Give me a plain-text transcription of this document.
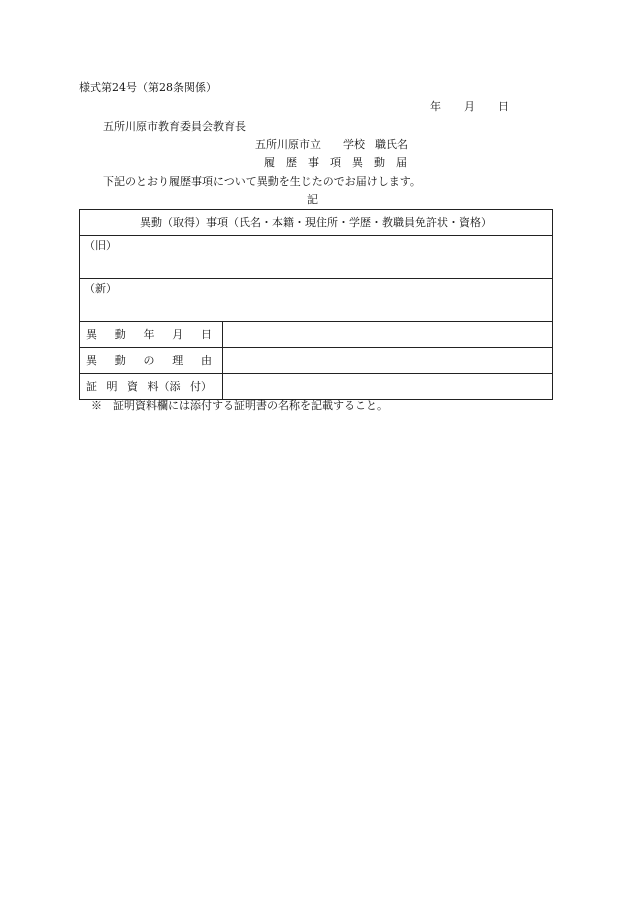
様式第24号（第28条関係）
年 月 日
五所川原市教育委員会教育長
五所川原市立 学校 職氏名
履　歴　事　項　異　動　届
下記のとおり履歴事項について異動を生じたのでお届けします。
記
異動（取得）事項（氏名・本籍・現住所・学歴・教職員免許状・資格）	
（旧）	
（新）	

異 動 年 月 日	

異 動 の 理 由	

証 明 資 料（添 付）	

※　証明資料欄には添付する証明書の名称を記載すること。
